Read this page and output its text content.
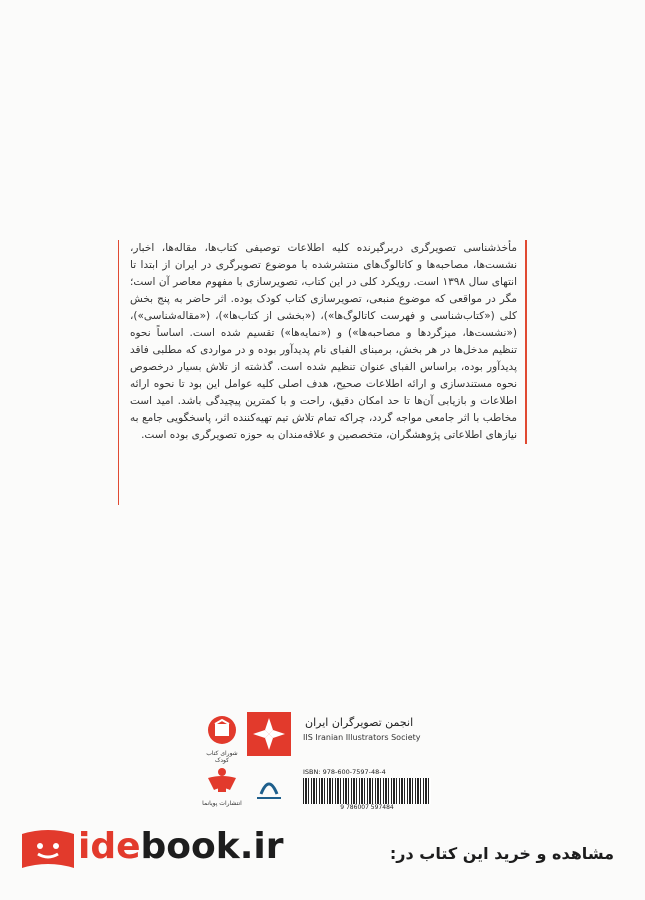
مأخذشناسی تصویرگری دربرگیرنده کلیه اطلاعات توصیفی کتاب‌ها، مقاله‌ها، اخبار، نشست‌ها، مصاحبه‌ها و کاتالوگ‌های منتشرشده با موضوع تصویرگری در ایران از ابتدا تا انتهای سال ۱۳۹۸ است. رویکرد کلی در این کتاب، تصویرسازی با مفهوم معاصر آن است؛ مگر در مواقعی که موضوع منبعی، تصویرسازی کتاب کودک بوده. اثر حاضر به پنج بخش کلی («کتاب‌شناسی و فهرست کاتالوگ‌ها»)، («بخشی از کتاب‌ها»)، («مقاله‌شناسی»)، («نشست‌ها، میزگردها و مصاحبه‌ها») و («نمایه‌ها») تقسیم شده است. اساساً نحوه تنظیم مدخل‌ها در هر بخش، برمبنای الفبای نام پدیدآور بوده و در مواردی که مطلبی فاقد پدیدآور بوده، براساس الفبای عنوان تنظیم شده است. گذشته از تلاش بسیار درخصوص نحوه مستندسازی و ارائه اطلاعات صحیح، هدف اصلی کلیه عوامل این بود تا نحوه ارائه اطلاعات و بازیابی آن‌ها تا حد امکان دقیق، راحت و با کمترین پیچیدگی باشد. امید است مخاطب با اثر جامعی مواجه گردد، چراکه تمام تلاش تیم تهیه‌کننده اثر، پاسخگویی جامع به نیازهای اطلاعاتی پژوهشگران، متخصصین و علاقه‌مندان به حوزه تصویرگری بوده است.
شورای کتاب کودک
انجمن تصویرگران ایران
IIS Iranian Illustrators Society
انتشارات پویانما
ISBN: 978-600-7597-48-4
9 786007 597484
idebook.ir	مشاهده و خرید این کتاب در:
